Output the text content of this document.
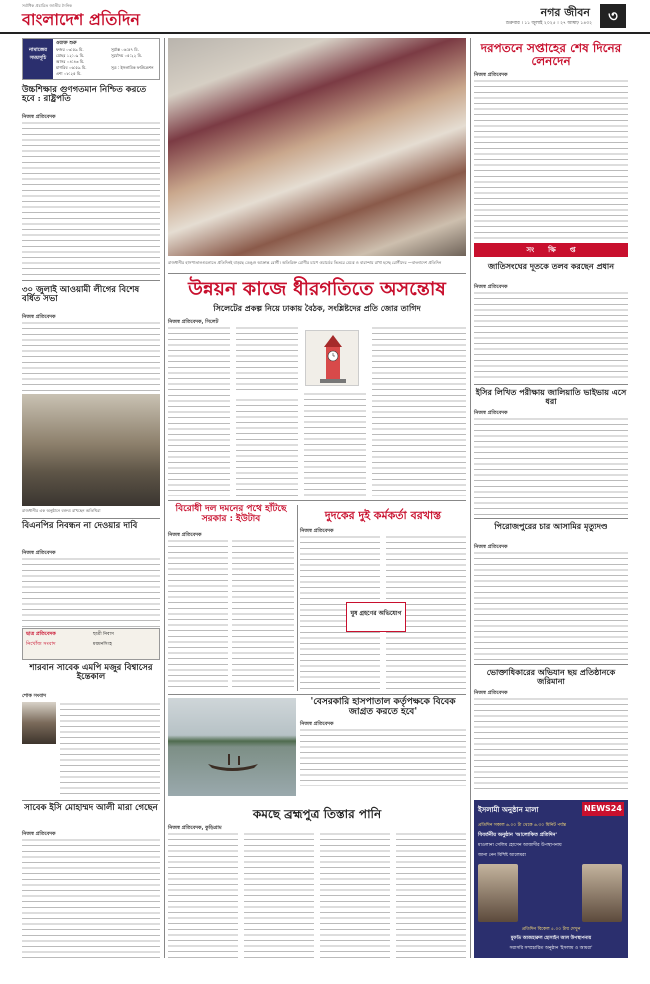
সর্বাধিক প্রচারিত জাতীয় দৈনিক
বাংলাদেশ প্রতিদিন	নগর জীবন
শুক্রবার । ১১ জুলাই ২০২৫ । ২৭ আষাঢ় ১৪৩২	৩
নামাজের সময়সূচি
ওয়াক্ত শুরু
ফজর ০৩:৫৯ মি.
যোহর ১২:০৯ মি.
আসর ০৪:৪৩ মি.
মাগরিব ০৬:৫৯ মি.
এশা ০৮:২৫ মি.
সূর্যাস্ত ০৬:৫৭ মি.
সূর্যোদয় ০৫:২২ মি.
সূত্র : ইসলামিক ফাউন্ডেশন
উচ্চশিক্ষার গুণগতমান নিশ্চিত করতে হবে : রাষ্ট্রপতি
নিজস্ব প্রতিবেদক
৩০ জুলাই আওয়ামী লীগের বিশেষ বর্ধিত সভা
নিজস্ব প্রতিবেদক
রাজধানীর এক অনুষ্ঠানে বক্তব্য রাখছেন অতিথিরা
বিএনপির নিবন্ধন না দেওয়ার দাবি
নিজস্ব প্রতিবেদক
ছাত্র প্রতিবেদক
নিখোঁজ সংবাদ
ছাত্রী নিবাস
ময়মনসিংহ
শারবান সাবেক এমপি মজুর বিশ্বাসের ইন্তেকাল
শোক সংবাদ
সাবেক ইসি মোহাম্মদ আলী মারা গেছেন
নিজস্ব প্রতিবেদক
রাজধানীর হাসপাতালগুলোতে প্রতিদিনই বাড়ছে ডেঙ্গু আক্রান্ত রোগী। অতিরিক্ত রোগীর চাপে ওয়ার্ডের ভিতরে মেঝে ও বারান্দায় রাখা হচ্ছে রোগীদের —বাংলাদেশ প্রতিদিন
উন্নয়ন কাজে ধীরগতিতে অসন্তোষ
সিলেটের প্রকল্প নিয়ে ঢাকায় বৈঠক, সংশ্লিষ্টদের প্রতি জোর তাগিদ
নিজস্ব প্রতিবেদক, সিলেট
বিরোধী দল দমনের পথে হাঁটছে সরকার : ইউটাব
নিজস্ব প্রতিবেদক
দুদকের দুই কর্মকর্তা বরখাস্ত
নিজস্ব প্রতিবেদক
ঘুষ গ্রহণের অভিযোগ
'বেসরকারি হাসপাতাল কর্তৃপক্ষকে বিবেক জাগ্রত করতে হবে'
নিজস্ব প্রতিবেদক
কমছে ব্রহ্মপুত্র তিস্তার পানি
নিজস্ব প্রতিবেদক, কুড়িগ্রাম
দরপতনে সপ্তাহের শেষ দিনের লেনদেন
নিজস্ব প্রতিবেদক
সং ক্ষি প্ত
জাতিসংঘের দূতকে তলব করছেন প্রধান
নিজস্ব প্রতিবেদক
ইসির লিখিত পরীক্ষায় জালিয়াতি ভাইভায় এসে ধরা
নিজস্ব প্রতিবেদক
পিরোজপুরের চার আসামির মৃত্যুদণ্ড
নিজস্ব প্রতিবেদক
ভোক্তাধিকারের অভিযান ছয় প্রতিষ্ঠানকে জরিমানা
নিজস্ব প্রতিবেদক
ইসলামী অনুষ্ঠান মালা	NEWS24
প্রতিদিন সকাল ৬.০০ টা থেকে ৬.৩০ মিনিট পর্যন্ত
বিবর্তনীয় অনুষ্ঠান 'আলোকিত প্রতিদিন'
মাওলানা সেলিম হোসেন আজাদীর উপস্থাপনায়
জানা নেন বিশিষ্ট আলেমরা
প্রতিদিন বিকেল ৫.০০ টায় দেখুন
মুফতি আজহারুল হোসাইন আল উপস্থাপনায়
সরাসরি সম্প্রচারিত অনুষ্ঠান 'ইসলাম ও আমরা'
